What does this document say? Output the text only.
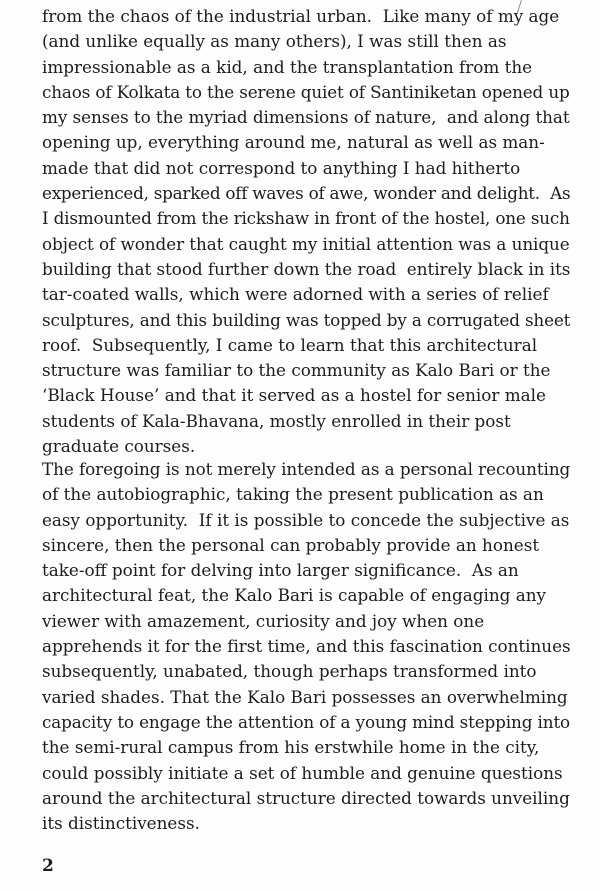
from the chaos of the industrial urban.  Like many of my age
(and unlike equally as many others), I was still then as
impressionable as a kid, and the transplantation from the
chaos of Kolkata to the serene quiet of Santiniketan opened up
my senses to the myriad dimensions of nature,  and along that
opening up, everything around me, natural as well as man-
made that did not correspond to anything I had hitherto
experienced, sparked off waves of awe, wonder and delight.  As
I dismounted from the rickshaw in front of the hostel, one such
object of wonder that caught my initial attention was a unique
building that stood further down the road  entirely black in its
tar-coated walls, which were adorned with a series of relief
sculptures, and this building was topped by a corrugated sheet
roof.  Subsequently, I came to learn that this architectural
structure was familiar to the community as Kalo Bari or the
‘Black House’ and that it served as a hostel for senior male
students of Kala-Bhavana, mostly enrolled in their post
graduate courses.
The foregoing is not merely intended as a personal recounting
of the autobiographic, taking the present publication as an
easy opportunity.  If it is possible to concede the subjective as
sincere, then the personal can probably provide an honest
take-off point for delving into larger significance.  As an
architectural feat, the Kalo Bari is capable of engaging any
viewer with amazement, curiosity and joy when one
apprehends it for the first time, and this fascination continues
subsequently, unabated, though perhaps transformed into
varied shades. That the Kalo Bari possesses an overwhelming
capacity to engage the attention of a young mind stepping into
the semi-rural campus from his erstwhile home in the city,
could possibly initiate a set of humble and genuine questions
around the architectural structure directed towards unveiling
its distinctiveness.
2
